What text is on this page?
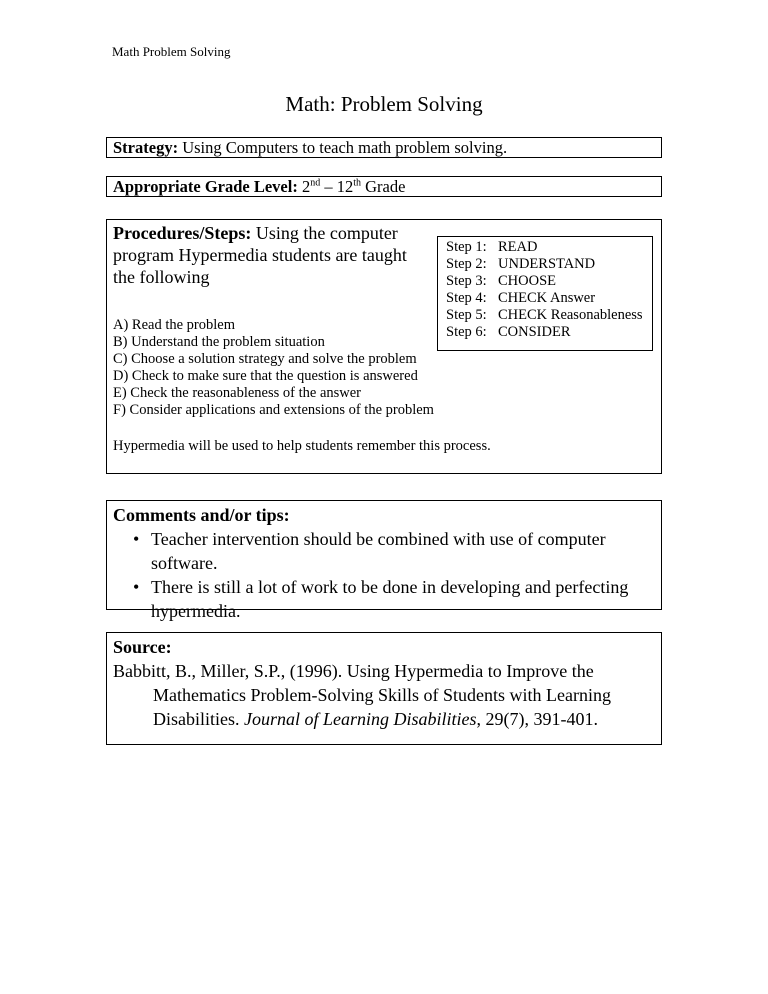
Math Problem Solving
Math: Problem Solving
Strategy: Using Computers to teach math problem solving.
Appropriate Grade Level: 2nd – 12th Grade
Procedures/Steps: Using the computer program Hypermedia students are taught the following
Step 1: READ
Step 2: UNDERSTAND
Step 3: CHOOSE
Step 4: CHECK Answer
Step 5: CHECK Reasonableness
Step 6: CONSIDER
A) Read the problem
B) Understand the problem situation
C) Choose a solution strategy and solve the problem
D) Check to make sure that the question is answered
E) Check the reasonableness of the answer
F) Consider applications and extensions of the problem
Hypermedia will be used to help students remember this process.
Comments and/or tips:
• Teacher intervention should be combined with use of computer software.
• There is still a lot of work to be done in developing and perfecting hypermedia.
Source:
Babbitt, B., Miller, S.P., (1996). Using Hypermedia to Improve the Mathematics Problem-Solving Skills of Students with Learning Disabilities. Journal of Learning Disabilities, 29(7), 391-401.
